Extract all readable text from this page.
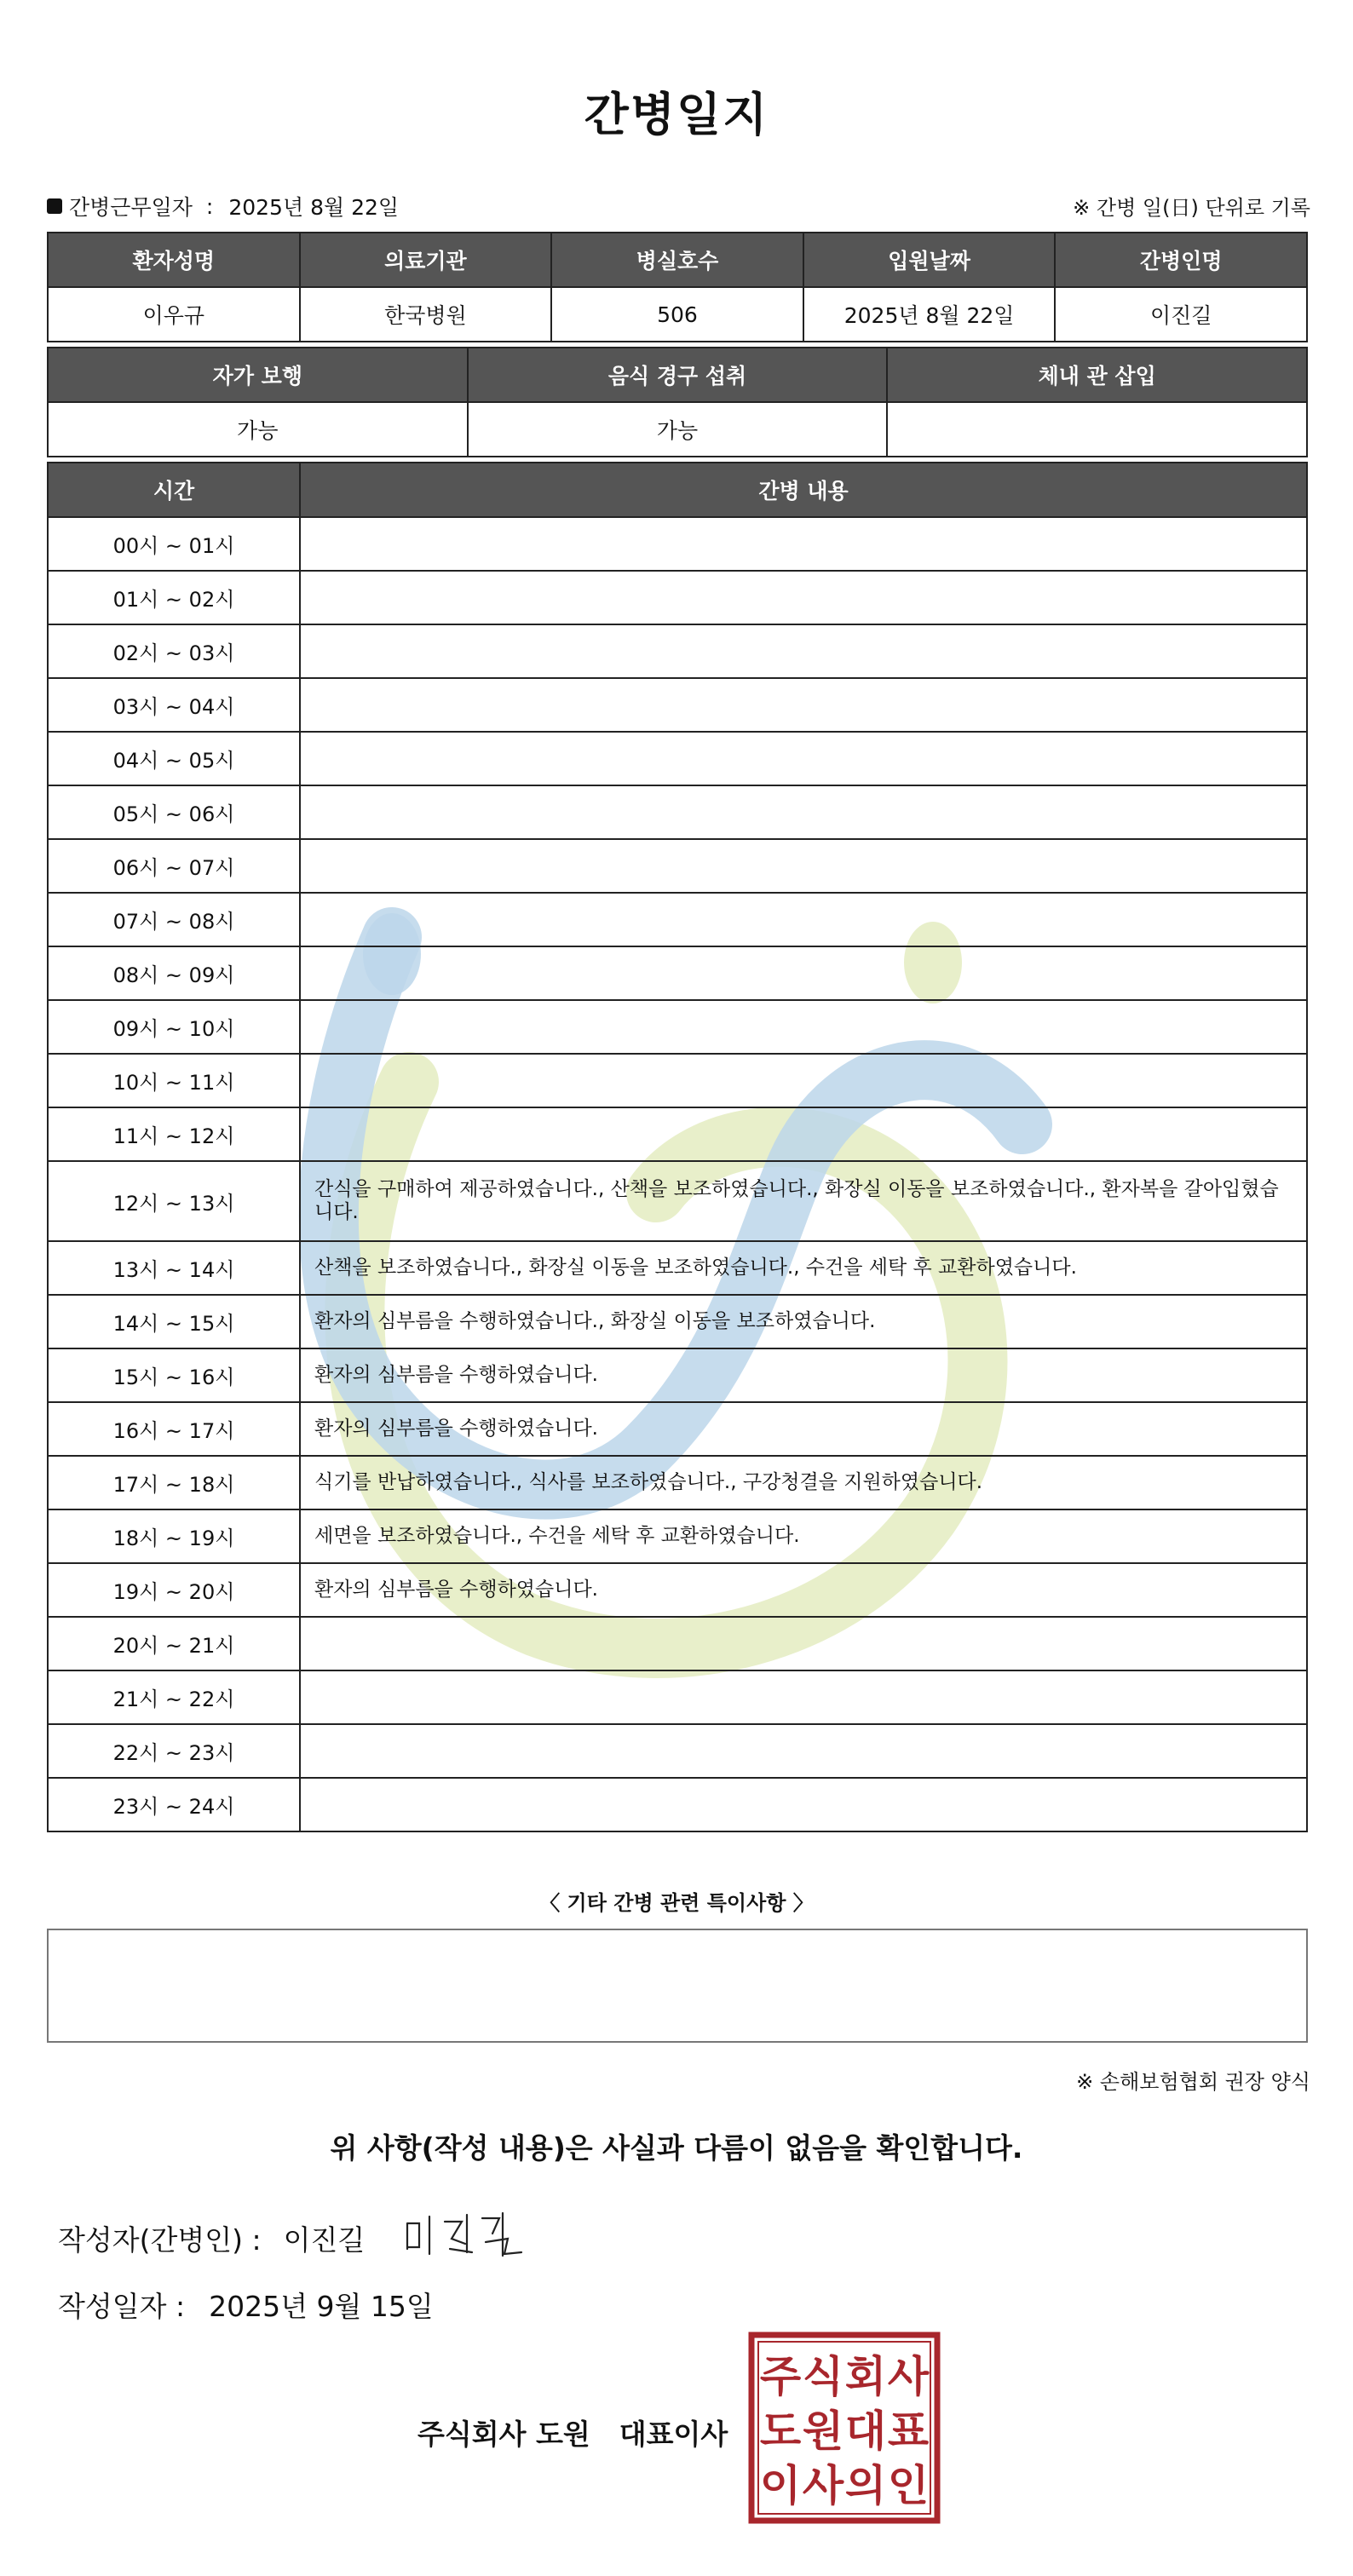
간병일지
간병근무일자 : 2025년 8월 22일	※ 간병 일(日) 단위로 기록
환자성명	의료기관	병실호수	입원날짜	간병인명
이우규	한국병원	506	2025년 8월 22일	이진길
자가 보행	음식 경구 섭취	체내 관 삽입
가능	가능	
시간	간병 내용
00시 ~ 01시	
01시 ~ 02시	
02시 ~ 03시	
03시 ~ 04시	
04시 ~ 05시	
05시 ~ 06시	
06시 ~ 07시	
07시 ~ 08시	
08시 ~ 09시	
09시 ~ 10시	
10시 ~ 11시	
11시 ~ 12시	
12시 ~ 13시	간식을 구매하여 제공하였습니다., 산책을 보조하였습니다., 화장실 이동을 보조하였습니다., 환자복을 갈아입혔습니다.
13시 ~ 14시	산책을 보조하였습니다., 화장실 이동을 보조하였습니다., 수건을 세탁 후 교환하였습니다.
14시 ~ 15시	환자의 심부름을 수행하였습니다., 화장실 이동을 보조하였습니다.
15시 ~ 16시	환자의 심부름을 수행하였습니다.
16시 ~ 17시	환자의 심부름을 수행하였습니다.
17시 ~ 18시	식기를 반납하였습니다., 식사를 보조하였습니다., 구강청결을 지원하였습니다.
18시 ~ 19시	세면을 보조하였습니다., 수건을 세탁 후 교환하였습니다.
19시 ~ 20시	환자의 심부름을 수행하였습니다.
20시 ~ 21시	
21시 ~ 22시	
22시 ~ 23시	
23시 ~ 24시	
〈 기타 간병 관련 특이사항 〉
※ 손해보험협회 권장 양식
위 사항(작성 내용)은 사실과 다름이 없음을 확인합니다.
작성자(간병인) : 이진길
작성일자 : 2025년 9월 15일
주식회사 도원 대표이사
주 식 회 사
도 원 대 표
이 사 의 인
